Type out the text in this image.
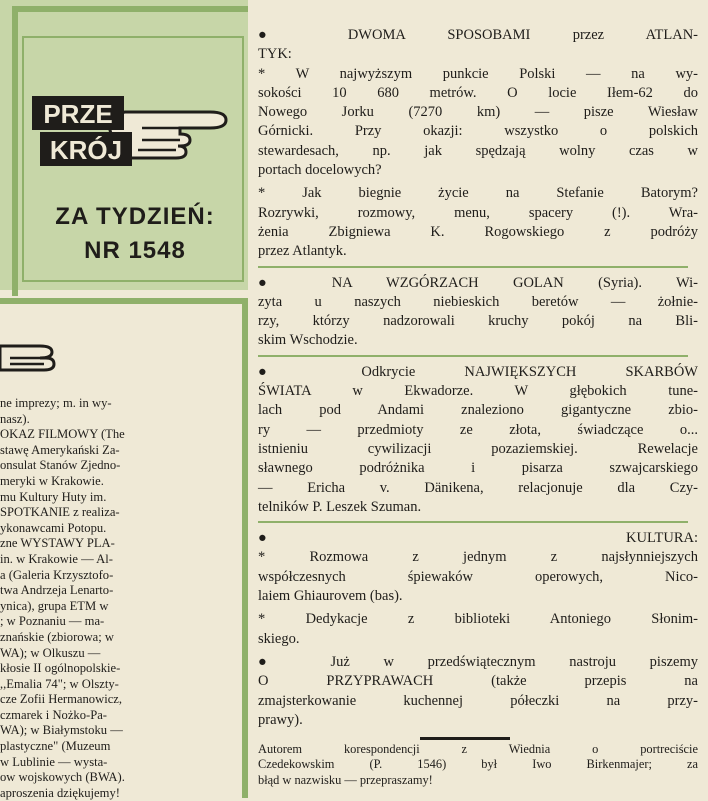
PRZE
KRÓJ
ZA TYDZIEŃ:
NR 1548
ne imprezy; m. in wy-
nasz).
OKAZ FILMOWY (The
stawę Amerykański Za-
onsulat Stanów Zjedno-
meryki w Krakowie.
mu Kultury Huty im.
SPOTKANIE z realiza-
ykonawcami Potopu.
zne WYSTAWY PLA-
in. w Krakowie — Al-
a (Galeria Krzysztofo-
twa Andrzeja Lenarto-
ynica), grupa ETM w
; w Poznaniu — ma-
znańskie (zbiorowa; w
WA); w Olkuszu —
kłosie II ogólnopolskie-
,,Emalia 74"; w Olszty-
cze Zofii Hermanowicz,
czmarek i Nożko-Pa-
WA); w Białymstoku —
plastyczne" (Muzeum
w Lublinie — wysta-
ow wojskowych (BWA).
aproszenia dziękujemy!
● DWOMA SPOSOBAMI przez ATLAN-
TYK:
* W najwyższym punkcie Polski — na wy-
sokości 10 680 metrów. O locie Iłem-62 do
Nowego Jorku (7270 km) — pisze Wiesław
Górnicki. Przy okazji: wszystko o polskich
stewardesach, np. jak spędzają wolny czas w
portach docelowych?
* Jak biegnie życie na Stefanie Batorym?
Rozrywki, rozmowy, menu, spacery (!). Wra-
żenia Zbigniewa K. Rogowskiego z podróży
przez Atlantyk.
● NA WZGÓRZACH GOLAN (Syria). Wi-
zyta u naszych niebieskich beretów — żołnie-
rzy, którzy nadzorowali kruchy pokój na Bli-
skim Wschodzie.
● Odkrycie NAJWIĘKSZYCH SKARBÓW
ŚWIATA w Ekwadorze. W głębokich tune-
lach pod Andami znaleziono gigantyczne zbio-
ry — przedmioty ze złota, świadczące o...
istnieniu cywilizacji pozaziemskiej. Rewelacje
sławnego podróżnika i pisarza szwajcarskiego
— Ericha v. Dänikena, relacjonuje dla Czy-
telników P. Leszek Szuman.
● KULTURA:
* Rozmowa z jednym z najsłynniejszych
współczesnych śpiewaków operowych, Nico-
laiem Ghiaurovem (bas).
* Dedykacje z biblioteki Antoniego Słonim-
skiego.
● Już w przedświątecznym nastroju piszemy
O PRZYPRAWACH (także przepis na
zmajsterkowanie kuchennej półeczki na przy-
prawy).
Autorem korespondencji z Wiednia o portreciście
Czedekowskim (P. 1546) był Iwo Birkenmajer; za
błąd w nazwisku — przepraszamy!
